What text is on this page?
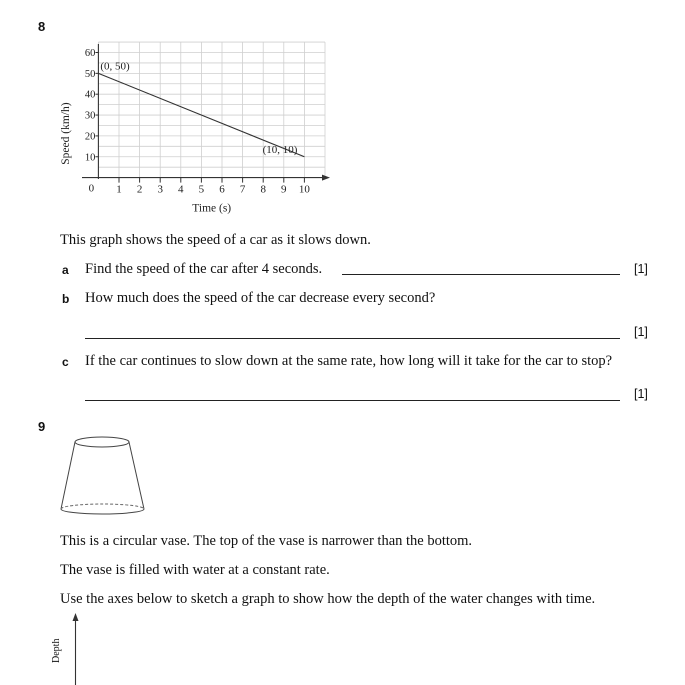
8
10
20
30
40
50
60
0 1 2 3 4 5 6 7 8 9 10
(0, 50)
(10, 10)
Time (s)
Speed (km/h)
This graph shows the speed of a car as it slows down.
a Find the speed of the car after 4 seconds.	[1]
b How much does the speed of the car decrease every second?
[1]
c If the car continues to slow down at the same rate, how long will it take for the car to stop?
[1]
9
This is a circular vase. The top of the vase is narrower than the bottom.
The vase is filled with water at a constant rate.
Use the axes below to sketch a graph to show how the depth of the water changes with time.
Depth
